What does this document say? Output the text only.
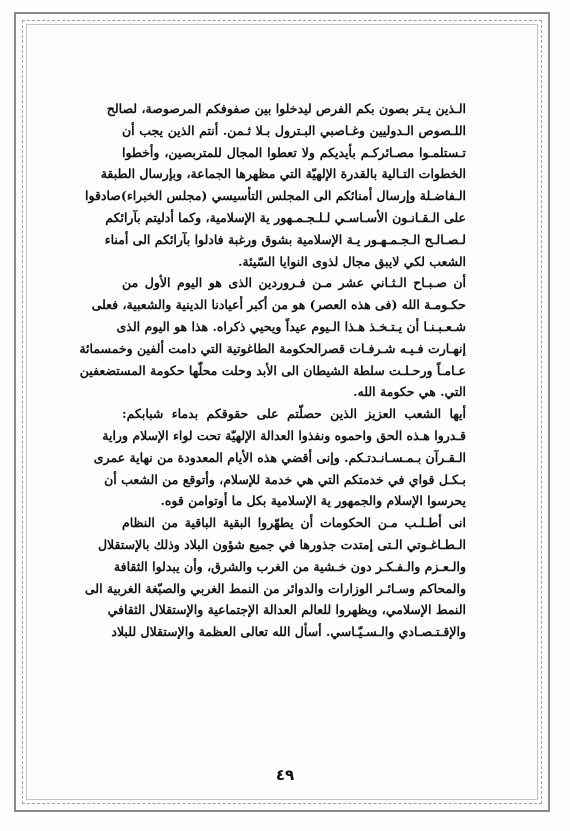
الـذين يـتر بصون بكم الفرص ليدخلوا بين صفوفكم المرصوصة، لصالح
اللـصوص الـدوليين وغـاصبي البـترول بـلا ثـمن. أنتم الذين يجب أن
تـستلمـوا مصـائركـم بأيديكم ولا تعطوا المجال للمتربصين، وأخطوا
الخطوات التـالية بالقدرة الإلهيّة التي مظهرها الجماعة، وبإرسال الطبقة
الـفاضـلة وإرسال أمنائكم الى المجلس التأسيسي (مجلس الخبراء)صادقوا
على الـقـانـون الأسـاسـي لـلـجـمـهور ية الإسلامية، وكما أدليتم بآرائكم
لـصـالـح الـجـمـهـور يـة الإسلامية بشوق ورغبة فادلوا بآرائكم الى أمناء
الشعب لكي لايبق مجال لذوى النوايا السّيئة.
أن صـبـاح الـثـاني عشر مـن فـروردين الذى هو اليوم الأول من
حكـومـة الله (فى هذه العصر) هو من أكبر أعيادنا الدينية والشعبية، فعلى
شـعـبـنـا أن يـتـخـذ هـذا الـيوم عيداً ويحيي ذكراه. هذا هو اليوم الذى
إنهـارت فـيـه شـرفـات قصرالحكومة الطاغوتية التي دامت ألفين وخمسمائة
عـامـاً ورحـلـت سلطة الشيطان الى الأبد وحلت محلّها حكومة المستضعفين
التي. هي حكومة الله.
أيها الشعب العزيز الذين حصلّتم على حقوقكم بدماء شبابكم:
قـدروا هـذه الحق واحموه ونفذوا العدالة الإلهيّة تحت لواء الإسلام وراية
الـقـرآن بـمـسـانـدتـكم. وإنى أقضي هذه الأيام المعدودة من نهاية عمرى
بـكـل قواي في خدمتكم التي هي خدمة للإسلام، وأتوقع من الشعب أن
يحرسوا الإسلام والجمهور ية الإسلامية بكل ما أوتوامن قوه.
انى أطـلـب مـن الحكومات أن يطهّروا البقية الباقية من النظام
الـطـاغـوتي الـتى إمتدت جذورها في جميع شؤون البلاد وذلك بالإستقلال
والـعـزم والـفـكـر دون خـشية من الغرب والشرق، وأن يبدلوا الثقافة
والمحاكم وسـائـر الوزارات والدوائر من النمط الغربي والصبّغة الغربية الى
النمط الإسلامي، ويظهروا للعالم العدالة الإجتماعية والإستقلال الثقافي
والإقـتـصـادي والـسـيّـاسي. أسأل الله تعالى العظمة والإستقلال للبلاد
٤٩
